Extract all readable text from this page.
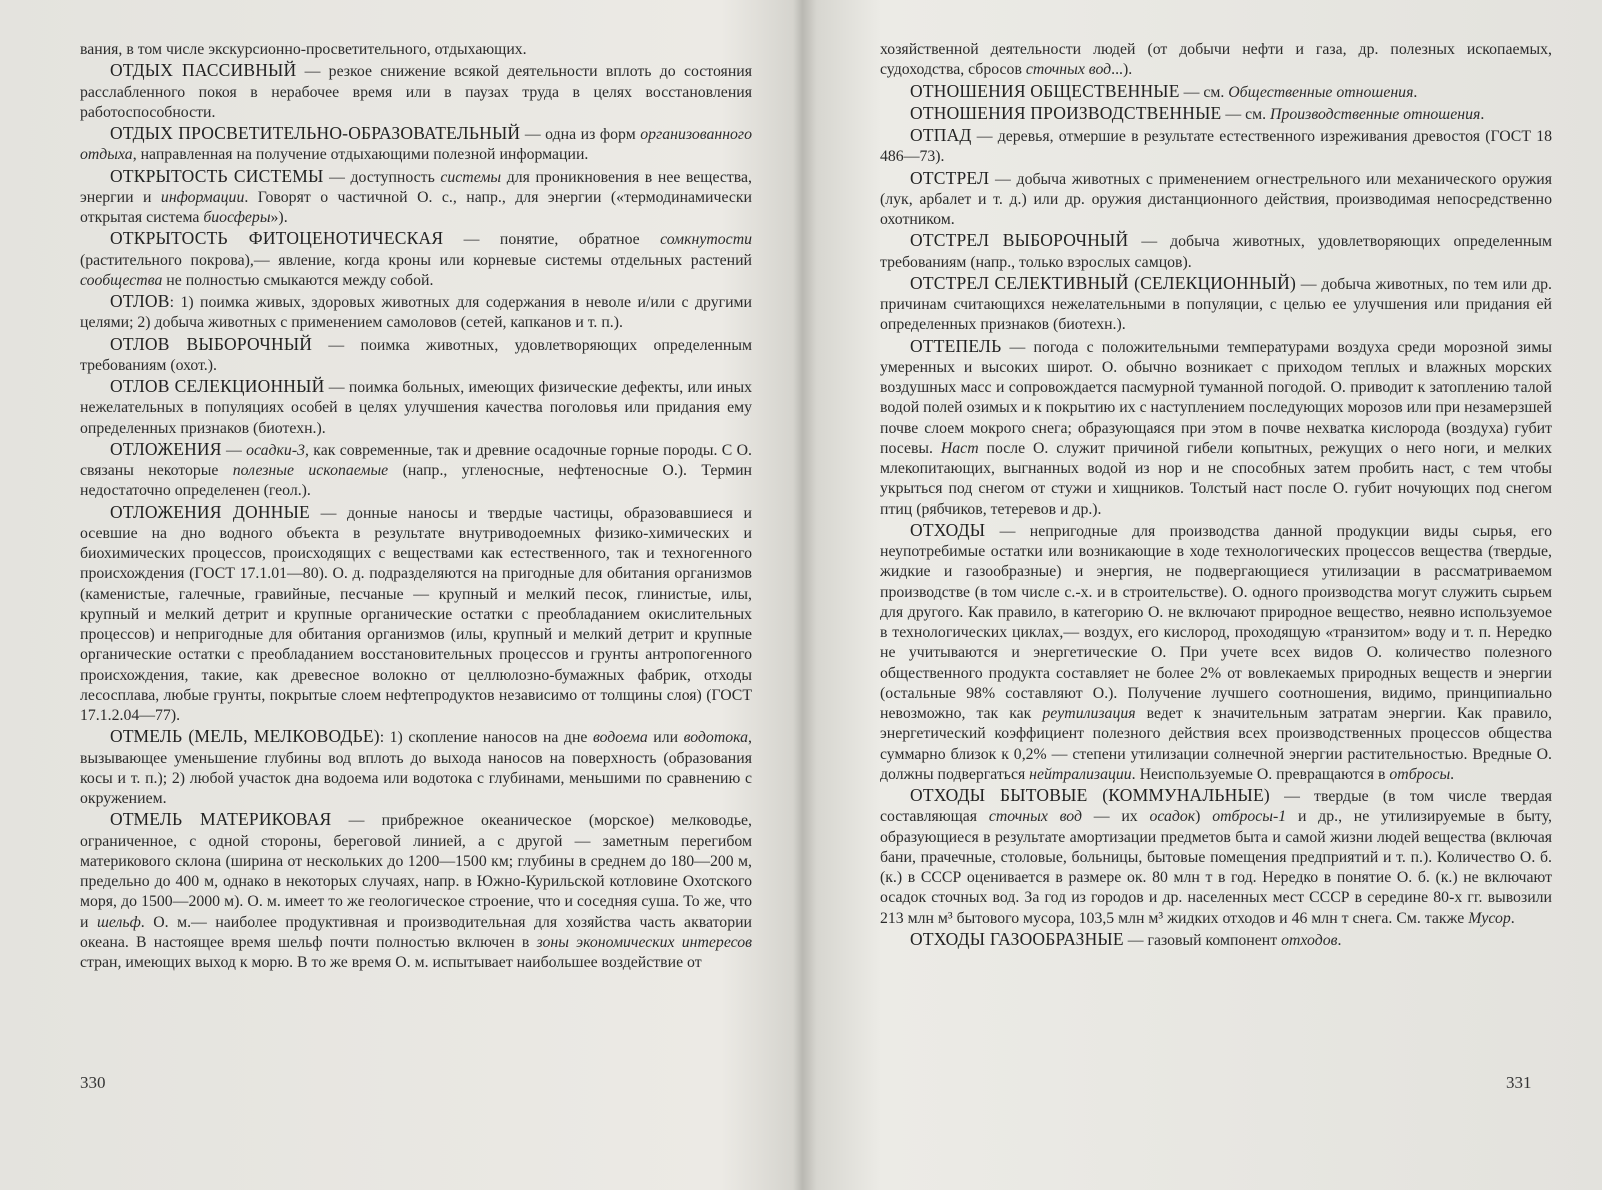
вания, в том числе экскурсионно-просветительного, отдыхающих.

ОТДЫХ ПАССИВНЫЙ — резкое снижение всякой деятельности вплоть до состояния расслабленного покоя в нерабочее время или в паузах труда в целях восстановления работоспособности.

ОТДЫХ ПРОСВЕТИТЕЛЬНО-ОБРАЗОВАТЕЛЬНЫЙ — одна из форм организованного отдыха, направленная на получение отдыхающими полезной информации.

ОТКРЫТОСТЬ СИСТЕМЫ — доступность системы для проникновения в нее вещества, энергии и информации. Говорят о частичной О. с., напр., для энергии («термодинамически открытая система биосферы»).

ОТКРЫТОСТЬ ФИТОЦЕНОТИЧЕСКАЯ — понятие, обратное сомкнутости (растительного покрова),— явление, когда кроны или корневые системы отдельных растений сообщества не полностью смыкаются между собой.

ОТЛОВ: 1) поимка живых, здоровых животных для содержания в неволе и/или с другими целями; 2) добыча животных с применением самоловов (сетей, капканов и т. п.).

ОТЛОВ ВЫБОРОЧНЫЙ — поимка животных, удовлетворяющих определенным требованиям (охот.).

ОТЛОВ СЕЛЕКЦИОННЫЙ — поимка больных, имеющих физические дефекты, или иных нежелательных в популяциях особей в целях улучшения качества поголовья или придания ему определенных признаков (биотехн.).

ОТЛОЖЕНИЯ — осадки-3, как современные, так и древние осадочные горные породы. С О. связаны некоторые полезные ископаемые (напр., угленосные, нефтеносные О.). Термин недостаточно определенен (геол.).

ОТЛОЖЕНИЯ ДОННЫЕ — донные наносы и твердые частицы, образовавшиеся и осевшие на дно водного объекта в результате внутриводоемных физико-химических и биохимических процессов, происходящих с веществами как естественного, так и техногенного происхождения (ГОСТ 17.1.01—80). О. д. подразделяются на пригодные для обитания организмов (каменистые, галечные, гравийные, песчаные — крупный и мелкий песок, глинистые, илы, крупный и мелкий детрит и крупные органические остатки с преобладанием окислительных процессов) и непригодные для обитания организмов (илы, крупный и мелкий детрит и крупные органические остатки с преобладанием восстановительных процессов и грунты антропогенного происхождения, такие, как древесное волокно от целлюлозно-бумажных фабрик, отходы лесосплава, любые грунты, покрытые слоем нефтепродуктов независимо от толщины слоя) (ГОСТ 17.1.2.04—77).

ОТМЕЛЬ (МЕЛЬ, МЕЛКОВОДЬЕ): 1) скопление наносов на дне водоема или водотока, вызывающее уменьшение глубины вод вплоть до выхода наносов на поверхность (образования косы и т. п.); 2) любой участок дна водоема или водотока с глубинами, меньшими по сравнению с окружением.

ОТМЕЛЬ МАТЕРИКОВАЯ — прибрежное океаническое (морское) мелководье, ограниченное, с одной стороны, береговой линией, а с другой — заметным перегибом материкового склона (ширина от нескольких до 1200—1500 км; глубины в среднем до 180—200 м, предельно до 400 м, однако в некоторых случаях, напр. в Южно-Курильской котловине Охотского моря, до 1500—2000 м). О. м. имеет то же геологическое строение, что и соседняя суша. То же, что и шельф. О. м.— наиболее продуктивная и производительная для хозяйства часть акватории океана. В настоящее время шельф почти полностью включен в зоны экономических интересов стран, имеющих выход к морю. В то же время О. м. испытывает наибольшее воздействие от

330

хозяйственной деятельности людей (от добычи нефти и газа, др. полезных ископаемых, судоходства, сбросов сточных вод...).

ОТНОШЕНИЯ ОБЩЕСТВЕННЫЕ — см. Общественные отношения.

ОТНОШЕНИЯ ПРОИЗВОДСТВЕННЫЕ — см. Производственные отношения.

ОТПАД — деревья, отмершие в результате естественного изреживания древостоя (ГОСТ 18 486—73).

ОТСТРЕЛ — добыча животных с применением огнестрельного или механического оружия (лук, арбалет и т. д.) или др. оружия дистанционного действия, производимая непосредственно охотником.

ОТСТРЕЛ ВЫБОРОЧНЫЙ — добыча животных, удовлетворяющих определенным требованиям (напр., только взрослых самцов).

ОТСТРЕЛ СЕЛЕКТИВНЫЙ (СЕЛЕКЦИОННЫЙ) — добыча животных, по тем или др. причинам считающихся нежелательными в популяции, с целью ее улучшения или придания ей определенных признаков (биотехн.).

ОТТЕПЕЛЬ — погода с положительными температурами воздуха среди морозной зимы умеренных и высоких широт. О. обычно возникает с приходом теплых и влажных морских воздушных масс и сопровождается пасмурной туманной погодой. О. приводит к затоплению талой водой полей озимых и к покрытию их с наступлением последующих морозов или при незамерзшей почве слоем мокрого снега; образующаяся при этом в почве нехватка кислорода (воздуха) губит посевы. Наст после О. служит причиной гибели копытных, режущих о него ноги, и мелких млекопитающих, выгнанных водой из нор и не способных затем пробить наст, с тем чтобы укрыться под снегом от стужи и хищников. Толстый наст после О. губит ночующих под снегом птиц (рябчиков, тетеревов и др.).

ОТХОДЫ — непригодные для производства данной продукции виды сырья, его неупотребимые остатки или возникающие в ходе технологических процессов вещества (твердые, жидкие и газообразные) и энергия, не подвергающиеся утилизации в рассматриваемом производстве (в том числе с.-х. и в строительстве). О. одного производства могут служить сырьем для другого. Как правило, в категорию О. не включают природное вещество, неявно используемое в технологических циклах,— воздух, его кислород, проходящую «транзитом» воду и т. п. Нередко не учитываются и энергетические О. При учете всех видов О. количество полезного общественного продукта составляет не более 2% от вовлекаемых природных веществ и энергии (остальные 98% составляют О.). Получение лучшего соотношения, видимо, принципиально невозможно, так как реутилизация ведет к значительным затратам энергии. Как правило, энергетический коэффициент полезного действия всех производственных процессов общества суммарно близок к 0,2% — степени утилизации солнечной энергии растительностью. Вредные О. должны подвергаться нейтрализации. Неиспользуемые О. превращаются в отбросы.

ОТХОДЫ БЫТОВЫЕ (КОММУНАЛЬНЫЕ) — твердые (в том числе твердая составляющая сточных вод — их осадок) отбросы-1 и др., не утилизируемые в быту, образующиеся в результате амортизации предметов быта и самой жизни людей вещества (включая бани, прачечные, столовые, больницы, бытовые помещения предприятий и т. п.). Количество О. б. (к.) в СССР оценивается в размере ок. 80 млн т в год. Нередко в понятие О. б. (к.) не включают осадок сточных вод. За год из городов и др. населенных мест СССР в середине 80-х гг. вывозили 213 млн м³ бытового мусора, 103,5 млн м³ жидких отходов и 46 млн т снега. См. также Мусор.

ОТХОДЫ ГАЗООБРАЗНЫЕ — газовый компонент отходов.

331
